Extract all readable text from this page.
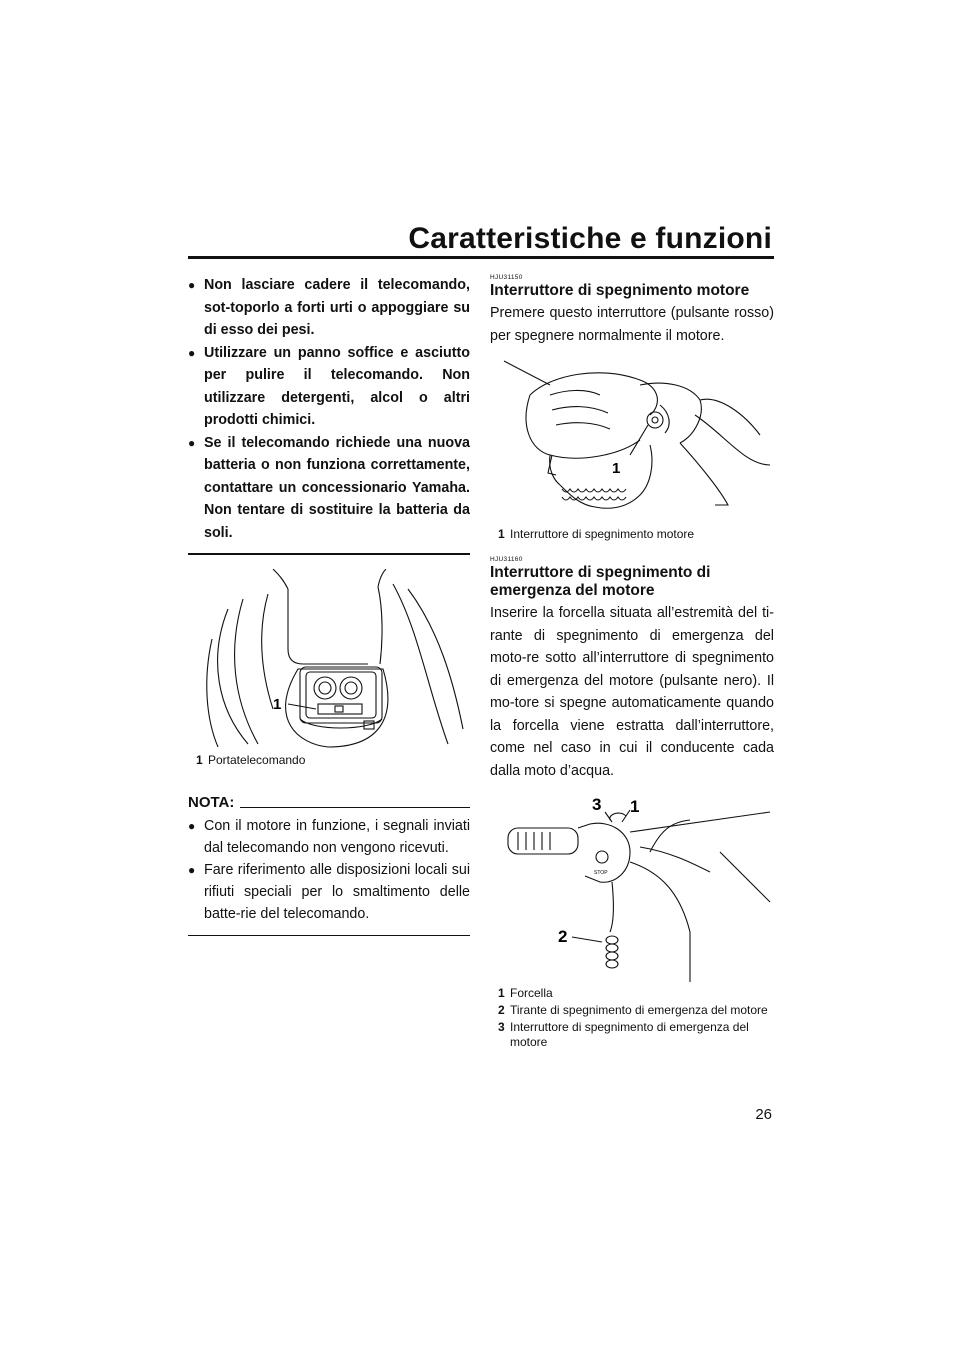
Caratteristiche e funzioni
● Non lasciare cadere il telecomando, sot-toporlo a forti urti o appoggiare su di esso dei pesi.
● Utilizzare un panno soffice e asciutto per pulire il telecomando. Non utilizzare detergenti, alcol o altri prodotti chimici.
● Se il telecomando richiede una nuova batteria o non funziona correttamente, contattare un concessionario Yamaha. Non tentare di sostituire la batteria da soli.
1
1 Portatelecomando
NOTA:
● Con il motore in funzione, i segnali inviati dal telecomando non vengono ricevuti.
● Fare riferimento alle disposizioni locali sui rifiuti speciali per lo smaltimento delle batte-rie del telecomando.

HJU31150

Interruttore di spegnimento motore

Premere questo interruttore (pulsante rosso) per spegnere normalmente il motore.

1
1 Interruttore di spegnimento motore

HJU31160

Interruttore di spegnimento di
emergenza del motore

Inserire la forcella situata all’estremità del ti-rante di spegnimento di emergenza del moto-re sotto all’interruttore di spegnimento di emergenza del motore (pulsante nero). Il mo-tore si spegne automaticamente quando la forcella viene estratta dall’interruttore, come nel caso in cui il conducente cada dalla moto d’acqua.

3 1
2
STOP
1 Forcella
2 Tirante di spegnimento di emergenza del motore
3 Interruttore di spegnimento di emergenza del motore
26
